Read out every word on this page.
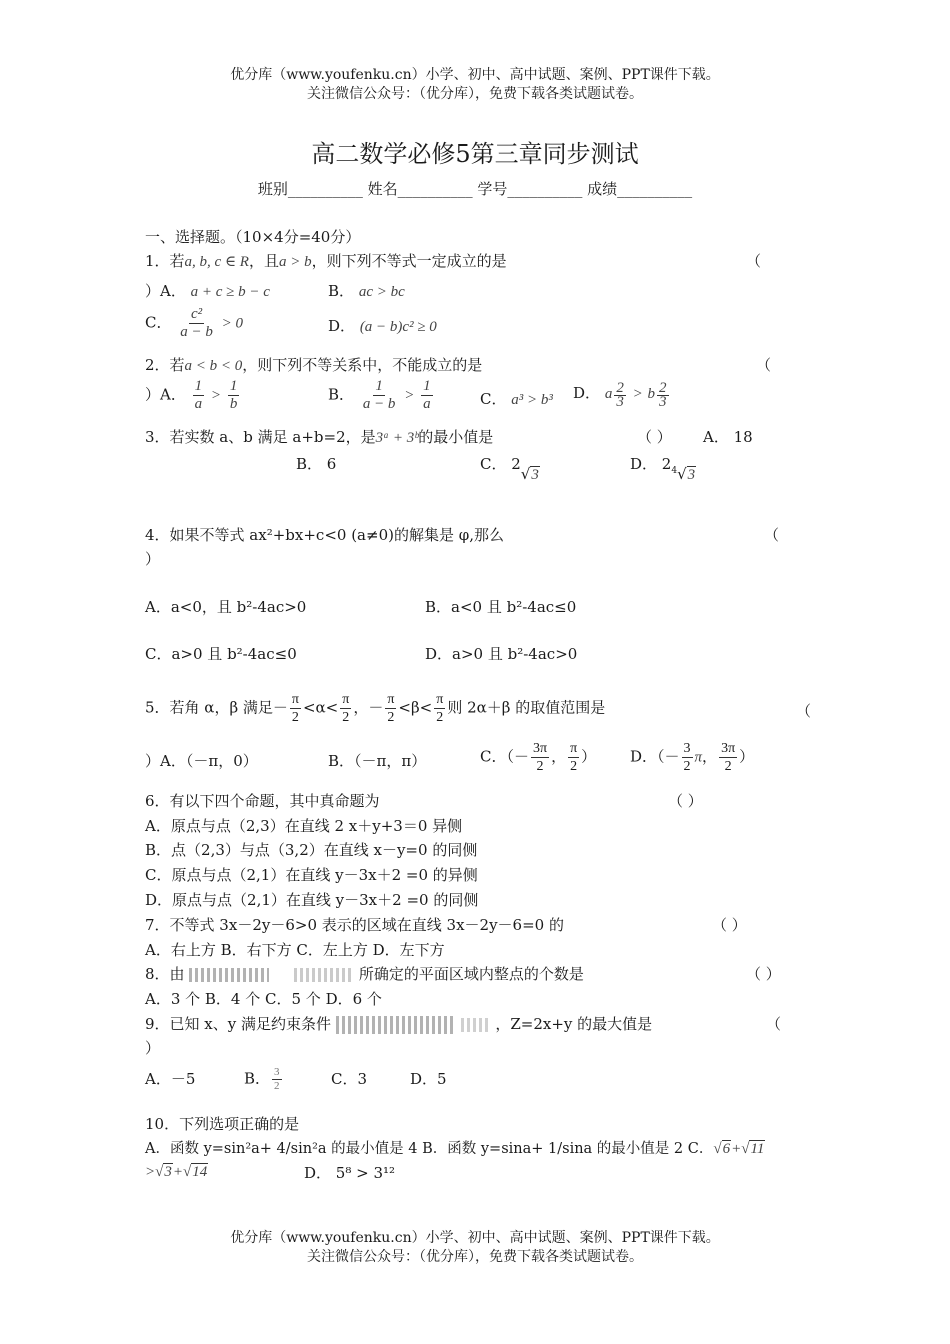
优分库（www.youfenku.cn）小学、初中、高中试题、案例、PPT课件下载。
关注微信公众号：（优分库），免费下载各类试题试卷。
高二数学必修5第三章同步测试
班别__________ 姓名__________ 学号__________ 成绩__________
一、选择题。（10×4分=40分）
1．若a, b, c ∈ R，且a > b，则下列不等式一定成立的是	（
）A． a + c ≥ b − c	B． ac > bc
C． $\frac{\text{c²}}{a - b} > 0$	D． (a − b)c² ≥ 0
2．若a < b < 0，则下列不等关系中，不能成立的是	（
）A． $\frac{1}{a} > \frac{1}{b}$	B． $\frac{1}{a - b} > \frac{1}{a}$	C． a³ > b³ D． a $\frac{2}{3} > b \frac{2}{3}$
3．若实数 a、b 满足 a+b=2，是3ᵃ + 3ᵇ的最小值是	（ ） A． 18
B． 6	C． 2√3
D． $2^4√3$
4．如果不等式 ax²+bx+c<0 (a≠0)的解集是 φ,那么	（
）
A．a<0，且 b²-4ac>0	B．a<0 且 b²-4ac≤0
C．a>0 且 b²-4ac≤0	D．a>0 且 b²-4ac>0
5．若角 α，β 满足－ $\frac{\pi}{2} <\alpha< \frac{\pi}{2}$ ，－ $\frac{\pi}{2} <\beta< \frac{\pi}{2}$ 则 2α＋β 的取值范围是	（
）A．（－π，0）	B．（－π，π）	C．（－ $\frac{3\pi}{2}$ ， $\frac{\pi}{2}$ ） D．（－ $\frac{3}{2}$ π， $\frac{3\pi}{2}$ ）
6．有以下四个命题，其中真命题为	（ ）
A．原点与点（2,3）在直线 2 x＋y+3＝0 异侧
B．点（2,3）与点（3,2）在直线 x－y=0 的同侧
C．原点与点（2,1）在直线 y－3x＋2 =0 的异侧
D．原点与点（2,1）在直线 y－3x＋2 =0 的同侧
7．不等式 3x－2y－6>0 表示的区域在直线 3x－2y－6=0 的	（ ）
A．右上方 B．右下方 C．左上方 D．左下方
8．由	所确定的平面区域内整点的个数是	（ ）
A．3 个 B．4 个 C．5 个 D．6 个
9．已知 x、y 满足约束条件	，Z=2x+y 的最大值是	（
）
A．－5	B． $\frac{3}{2}$	C．3	D．5
10．下列选项正确的是
A．函数 y=sin²a+ 4/sin²a 的最小值是 4 B．函数 y=sina+ 1/sina 的最小值是 2 C．√6+√11
>√3+√14	D． 5⁸ > 3¹²
优分库（www.youfenku.cn）小学、初中、高中试题、案例、PPT课件下载。
关注微信公众号：（优分库），免费下载各类试题试卷。
